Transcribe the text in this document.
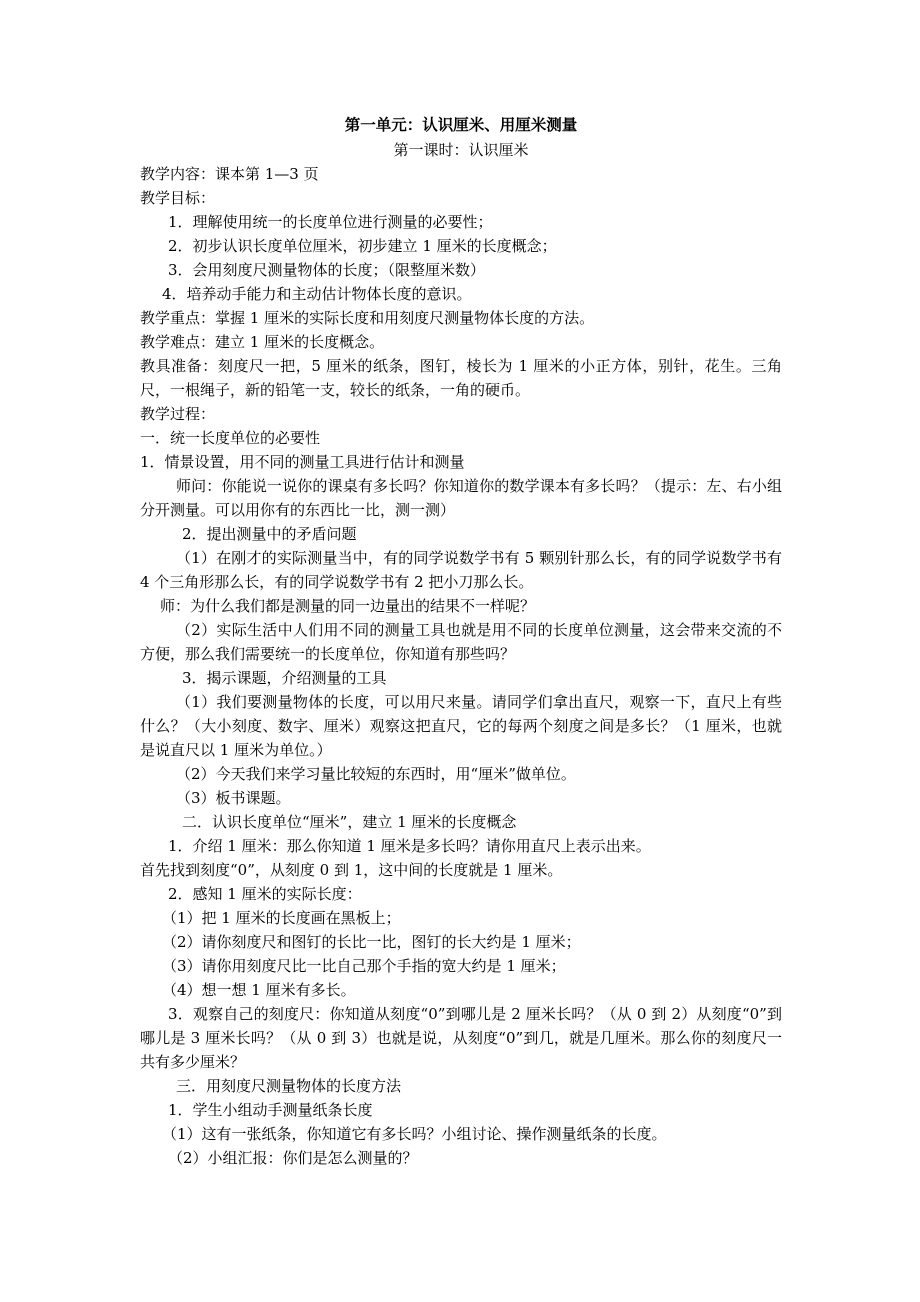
第一单元：认识厘米、用厘米测量
第一课时：认识厘米
教学内容：课本第 1—3 页
教学目标：
1．理解使用统一的长度单位进行测量的必要性；
2．初步认识长度单位厘米，初步建立 1 厘米的长度概念；
3．会用刻度尺测量物体的长度；（限整厘米数）
4．培养动手能力和主动估计物体长度的意识。
教学重点：掌握 1 厘米的实际长度和用刻度尺测量物体长度的方法。
教学难点：建立 1 厘米的长度概念。
教具准备：刻度尺一把，5 厘米的纸条，图钉，棱长为 1 厘米的小正方体，别针，花生。三角尺，一根绳子，新的铅笔一支，较长的纸条，一角的硬币。
教学过程：
一．统一长度单位的必要性
1．情景设置，用不同的测量工具进行估计和测量
师问：你能说一说你的课桌有多长吗？你知道你的数学课本有多长吗？（提示：左、右小组分开测量。可以用你有的东西比一比，测一测）
2．提出测量中的矛盾问题
（1）在刚才的实际测量当中，有的同学说数学书有 5 颗别针那么长，有的同学说数学书有 4 个三角形那么长，有的同学说数学书有 2 把小刀那么长。
师：为什么我们都是测量的同一边量出的结果不一样呢？
（2）实际生活中人们用不同的测量工具也就是用不同的长度单位测量，这会带来交流的不方便，那么我们需要统一的长度单位，你知道有那些吗？
3．揭示课题，介绍测量的工具
（1）我们要测量物体的长度，可以用尺来量。请同学们拿出直尺，观察一下，直尺上有些什么？（大小刻度、数字、厘米）观察这把直尺，它的每两个刻度之间是多长？（1 厘米，也就是说直尺以 1 厘米为单位。）
（2）今天我们来学习量比较短的东西时，用“厘米”做单位。
（3）板书课题。
二．认识长度单位“厘米”，建立 1 厘米的长度概念
1．介绍 1 厘米：那么你知道 1 厘米是多长吗？请你用直尺上表示出来。
首先找到刻度“0”，从刻度 0 到 1，这中间的长度就是 1 厘米。
2．感知 1 厘米的实际长度：
（1）把 1 厘米的长度画在黑板上；
（2）请你刻度尺和图钉的长比一比，图钉的长大约是 1 厘米；
（3）请你用刻度尺比一比自己那个手指的宽大约是 1 厘米；
（4）想一想 1 厘米有多长。
3．观察自己的刻度尺：你知道从刻度“0”到哪儿是 2 厘米长吗？（从 0 到 2）从刻度“0”到哪儿是 3 厘米长吗？（从 0 到 3）也就是说，从刻度“0”到几，就是几厘米。那么你的刻度尺一共有多少厘米？
三．用刻度尺测量物体的长度方法
1．学生小组动手测量纸条长度
（1）这有一张纸条，你知道它有多长吗？小组讨论、操作测量纸条的长度。
（2）小组汇报：你们是怎么测量的？
